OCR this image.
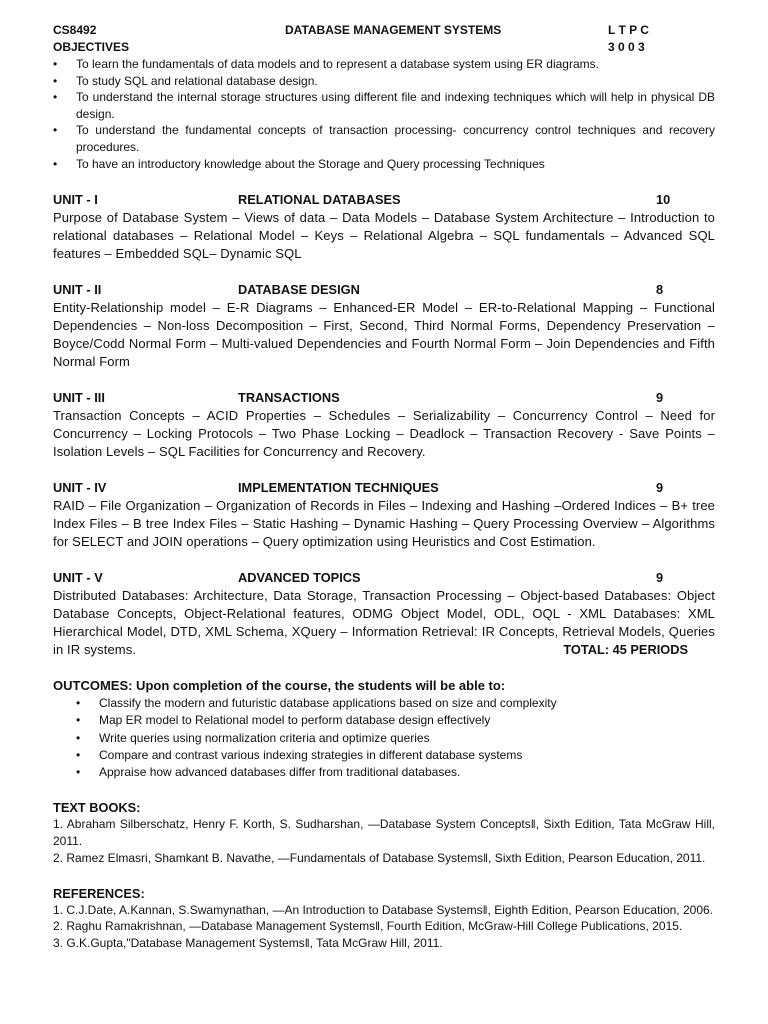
CS8492	DATABASE MANAGEMENT SYSTEMS	L T P C
OBJECTIVES	3 0 0 3
• To learn the fundamentals of data models and to represent a database system using ER diagrams.
• To study SQL and relational database design.
• To understand the internal storage structures using different file and indexing techniques which will help in physical DB design.
• To understand the fundamental concepts of transaction processing- concurrency control techniques and recovery procedures.
• To have an introductory knowledge about the Storage and Query processing Techniques
UNIT - I	RELATIONAL DATABASES	10
Purpose of Database System – Views of data – Data Models – Database System Architecture – Introduction to relational databases – Relational Model – Keys – Relational Algebra – SQL fundamentals – Advanced SQL features – Embedded SQL– Dynamic SQL
UNIT - II	DATABASE DESIGN	8
Entity-Relationship model – E-R Diagrams – Enhanced-ER Model – ER-to-Relational Mapping – Functional Dependencies – Non-loss Decomposition – First, Second, Third Normal Forms, Dependency Preservation – Boyce/Codd Normal Form – Multi-valued Dependencies and Fourth Normal Form – Join Dependencies and Fifth Normal Form
UNIT - III	TRANSACTIONS	9
Transaction Concepts – ACID Properties – Schedules – Serializability – Concurrency Control – Need for Concurrency – Locking Protocols – Two Phase Locking – Deadlock – Transaction Recovery - Save Points – Isolation Levels – SQL Facilities for Concurrency and Recovery.
UNIT - IV	IMPLEMENTATION TECHNIQUES	9
RAID – File Organization – Organization of Records in Files – Indexing and Hashing –Ordered Indices – B+ tree Index Files – B tree Index Files – Static Hashing – Dynamic Hashing – Query Processing Overview – Algorithms for SELECT and JOIN operations – Query optimization using Heuristics and Cost Estimation.
UNIT - V	ADVANCED TOPICS	9
Distributed Databases: Architecture, Data Storage, Transaction Processing – Object-based Databases: Object Database Concepts, Object-Relational features, ODMG Object Model, ODL, OQL - XML Databases: XML Hierarchical Model, DTD, XML Schema, XQuery – Information Retrieval: IR Concepts, Retrieval Models, Queries in IR systems.	TOTAL: 45 PERIODS
OUTCOMES: Upon completion of the course, the students will be able to:
• Classify the modern and futuristic database applications based on size and complexity
• Map ER model to Relational model to perform database design effectively
• Write queries using normalization criteria and optimize queries
• Compare and contrast various indexing strategies in different database systems
• Appraise how advanced databases differ from traditional databases.
TEXT BOOKS:
1. Abraham Silberschatz, Henry F. Korth, S. Sudharshan, ―Database System Concepts‖, Sixth Edition, Tata McGraw Hill, 2011.
2. Ramez Elmasri, Shamkant B. Navathe, ―Fundamentals of Database Systems‖, Sixth Edition, Pearson Education, 2011.
REFERENCES:
1. C.J.Date, A.Kannan, S.Swamynathan, ―An Introduction to Database Systems‖, Eighth Edition, Pearson Education, 2006.
2. Raghu Ramakrishnan, ―Database Management Systems‖, Fourth Edition, McGraw-Hill College Publications, 2015.
3. G.K.Gupta,"Database Management Systems‖, Tata McGraw Hill, 2011.
